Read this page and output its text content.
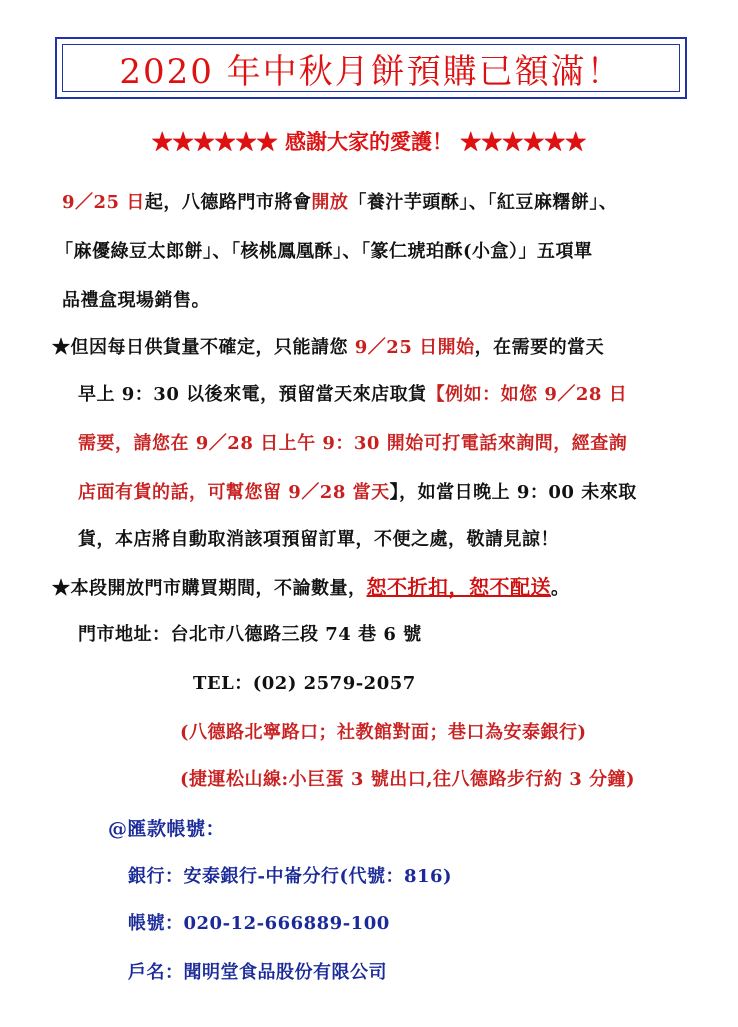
2020 年中秋月餅預購已額滿！
★★★★★★ 感謝大家的愛護！ ★★★★★★
9／25 日起，八德路門市將會開放「養汁芋頭酥」、「紅豆麻糬餅」、
「麻優綠豆太郎餅」、「核桃鳳凰酥」、「篆仁琥珀酥(小盒）」五項單
品禮盒現場銷售。
★但因每日供貨量不確定，只能請您 9／25 日開始，在需要的當天
早上 9：30 以後來電，預留當天來店取貨【例如：如您 9／28 日
需要，請您在 9／28 日上午 9：30 開始可打電話來詢問，經查詢
店面有貨的話，可幫您留 9／28 當天】，如當日晚上 9：00 未來取
貨，本店將自動取消該項預留訂單，不便之處，敬請見諒！
★本段開放門市購買期間，不論數量，恕不折扣，恕不配送。
門市地址：台北市八德路三段 74 巷 6 號
TEL：(02) 2579-2057
(八德路北寧路口；社教館對面；巷口為安泰銀行)
(捷運松山線:小巨蛋 3 號出口,往八德路步行約 3 分鐘)
@匯款帳號：
銀行：安泰銀行-中崙分行(代號：816)
帳號：020-12-666889-100
戶名：聞明堂食品股份有限公司
